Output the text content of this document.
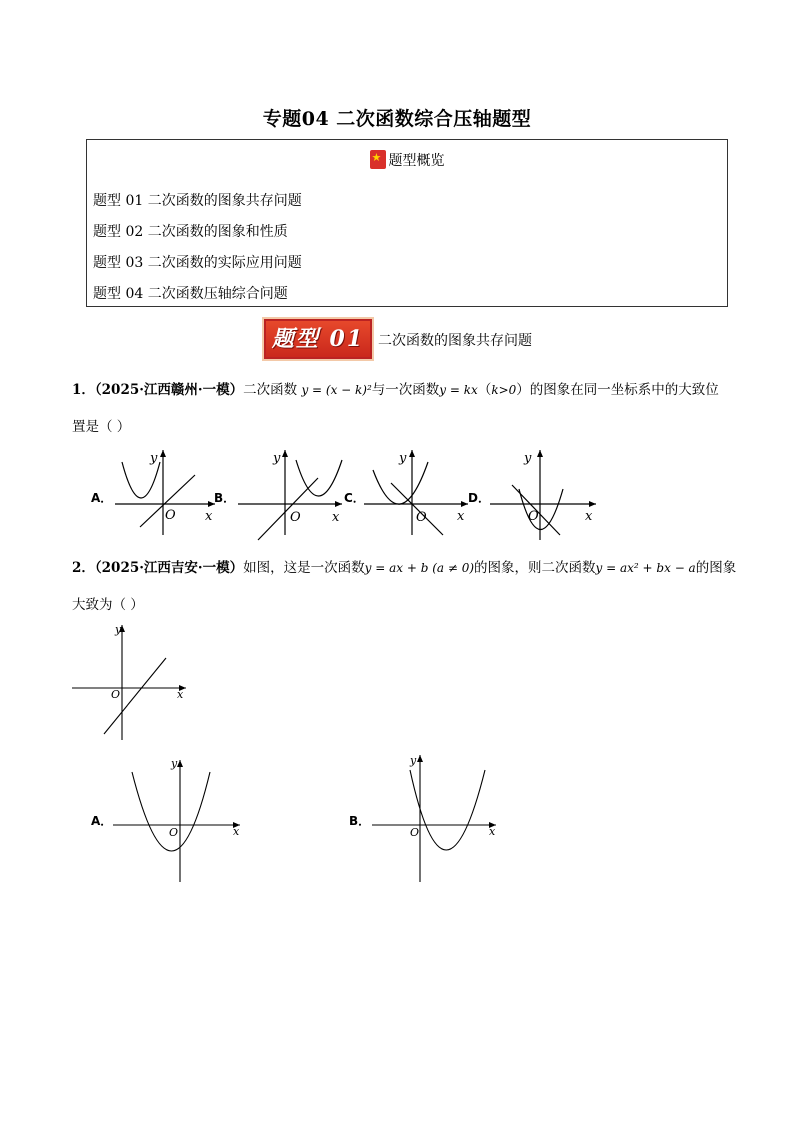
专题04 二次函数综合压轴题型
★题型概览
题型 01 二次函数的图象共存问题
题型 02 二次函数的图象和性质
题型 03 二次函数的实际应用问题
题型 04 二次函数压轴综合问题
题型 01 二次函数的图象共存问题
1．（2025·江西赣州·一模）二次函数 y = (x − k)²与一次函数y = kx（k>0）的图象在同一坐标系中的大致位
置是（ ）
A．	B．	C．	D．
y
O x
y
O x
y
O x
y
O	x
y
O	x
y
O	x
y
O	x
2．（2025·江西吉安·一模）如图，这是一次函数y = ax + b (a ≠ 0)的图象，则二次函数y = ax² + bx − a的图象
大致为（ ）
A．	B．
